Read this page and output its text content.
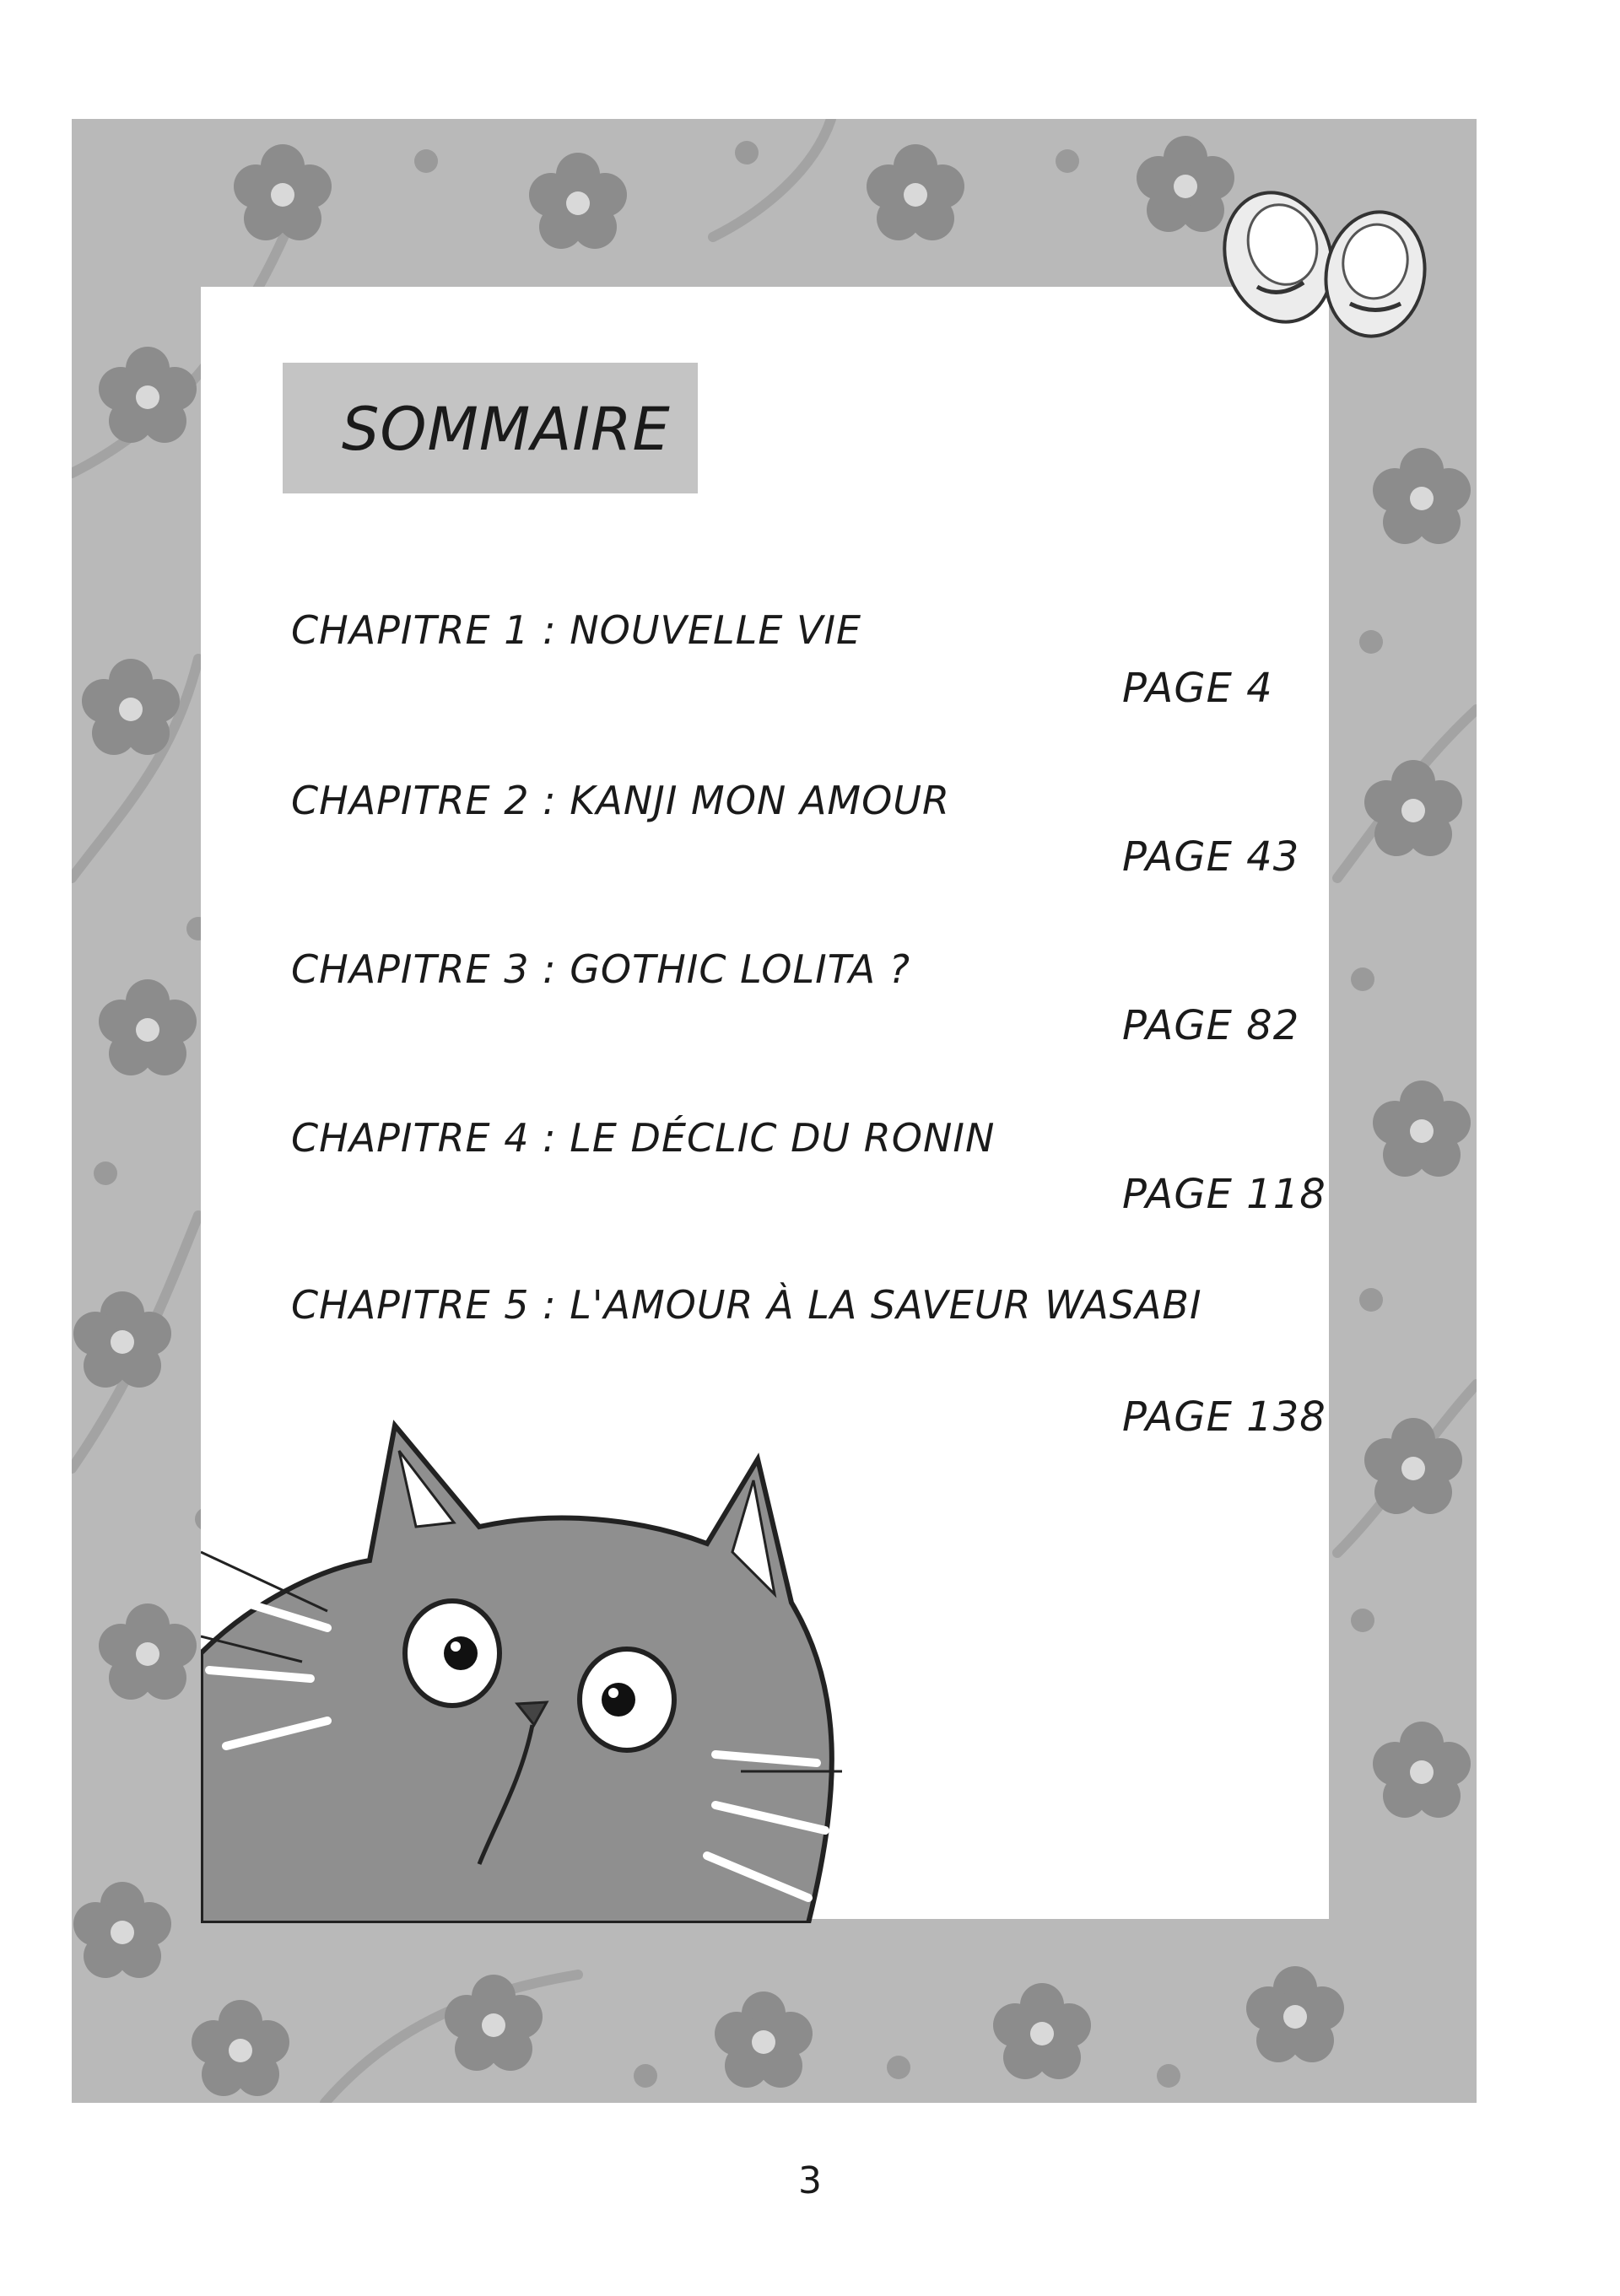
SOMMAIRE
CHAPITRE 1 : NOUVELLE VIE
PAGE 4
CHAPITRE 2 : KANJI MON AMOUR
PAGE 43
CHAPITRE 3 : GOTHIC LOLITA ?
PAGE 82
CHAPITRE 4 : LE DÉCLIC DU RONIN
PAGE 118
CHAPITRE 5 : L'AMOUR À LA SAVEUR WASABI
PAGE 138
3
